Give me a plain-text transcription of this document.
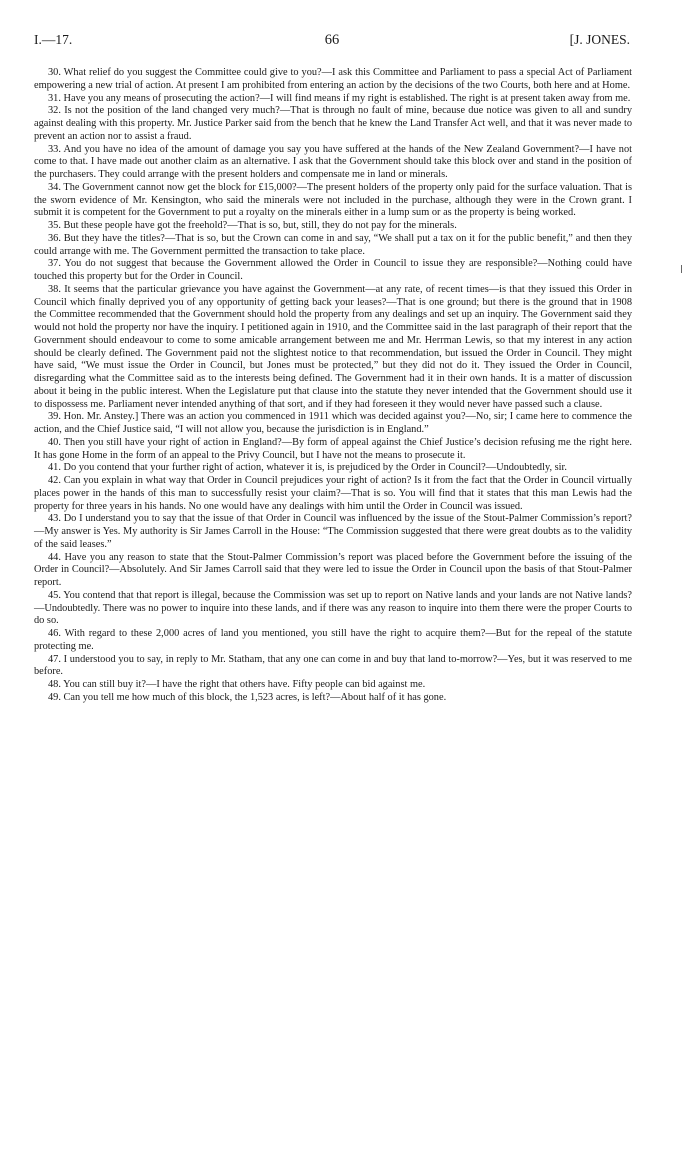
I.—17.	66	[J. JONES.

30. What relief do you suggest the Committee could give to you?—I ask this Committee and Parliament to pass a special Act of Parliament empowering a new trial of action. At present I am prohibited from entering an action by the decisions of the two Courts, both here and at Home.

31. Have you any means of prosecuting the action?—I will find means if my right is established. The right is at present taken away from me.

32. Is not the position of the land changed very much?—That is through no fault of mine, because due notice was given to all and sundry against dealing with this property. Mr. Justice Parker said from the bench that he knew the Land Transfer Act well, and that it was never made to prevent an action nor to assist a fraud.

33. And you have no idea of the amount of damage you say you have suffered at the hands of the New Zealand Government?—I have not come to that. I have made out another claim as an alternative. I ask that the Government should take this block over and stand in the position of the purchasers. They could arrange with the present holders and compensate me in land or minerals.

34. The Government cannot now get the block for £15,000?—The present holders of the property only paid for the surface valuation. That is the sworn evidence of Mr. Kensington, who said the minerals were not included in the purchase, although they were in the Crown grant. I submit it is competent for the Government to put a royalty on the minerals either in a lump sum or as the property is being worked.

35. But these people have got the freehold?—That is so, but, still, they do not pay for the minerals.

36. But they have the titles?—That is so, but the Crown can come in and say, “We shall put a tax on it for the public benefit,” and then they could arrange with me. The Government permitted the transaction to take place.

37. You do not suggest that because the Government allowed the Order in Council to issue they are responsible?—Nothing could have touched this property but for the Order in Council.

38. It seems that the particular grievance you have against the Government—at any rate, of recent times—is that they issued this Order in Council which finally deprived you of any opportunity of getting back your leases?—That is one ground; but there is the ground that in 1908 the Committee recommended that the Government should hold the property from any dealings and set up an inquiry. The Government said they would not hold the property nor have the inquiry. I petitioned again in 1910, and the Committee said in the last paragraph of their report that the Government should endeavour to come to some amicable arrangement between me and Mr. Herrman Lewis, so that my interest in any action should be clearly defined. The Government paid not the slightest notice to that recommendation, but issued the Order in Council. They might have said, “We must issue the Order in Council, but Jones must be protected,” but they did not do it. They issued the Order in Council, disregarding what the Committee said as to the interests being defined. The Government had it in their own hands. It is a matter of discussion about it being in the public interest. When the Legislature put that clause into the statute they never intended that the Government should use it to dispossess me. Parliament never intended anything of that sort, and if they had foreseen it they would never have passed such a clause.

39. Hon. Mr. Anstey.] There was an action you commenced in 1911 which was decided against you?—No, sir; I came here to commence the action, and the Chief Justice said, “I will not allow you, because the jurisdiction is in England.”

40. Then you still have your right of action in England?—By form of appeal against the Chief Justice’s decision refusing me the right here. It has gone Home in the form of an appeal to the Privy Council, but I have not the means to prosecute it.

41. Do you contend that your further right of action, whatever it is, is prejudiced by the Order in Council?—Undoubtedly, sir.

42. Can you explain in what way that Order in Council prejudices your right of action? Is it from the fact that the Order in Council virtually places power in the hands of this man to successfully resist your claim?—That is so. You will find that it states that this man Lewis had the property for three years in his hands. No one would have any dealings with him until the Order in Council was issued.

43. Do I understand you to say that the issue of that Order in Council was influenced by the issue of the Stout-Palmer Commission’s report?—My answer is Yes. My authority is Sir James Carroll in the House: “The Commission suggested that there were great doubts as to the validity of the said leases.”

44. Have you any reason to state that the Stout-Palmer Commission’s report was placed before the Government before the issuing of the Order in Council?—Absolutely. And Sir James Carroll said that they were led to issue the Order in Council upon the basis of that Stout-Palmer report.

45. You contend that that report is illegal, because the Commission was set up to report on Native lands and your lands are not Native lands?—Undoubtedly. There was no power to inquire into these lands, and if there was any reason to inquire into them there were the proper Courts to do so.

46. With regard to these 2,000 acres of land you mentioned, you still have the right to acquire them?—But for the repeal of the statute protecting me.

47. I understood you to say, in reply to Mr. Statham, that any one can come in and buy that land to-morrow?—Yes, but it was reserved to me before.

48. You can still buy it?—I have the right that others have. Fifty people can bid against me.

49. Can you tell me how much of this block, the 1,523 acres, is left?—About half of it has gone.
